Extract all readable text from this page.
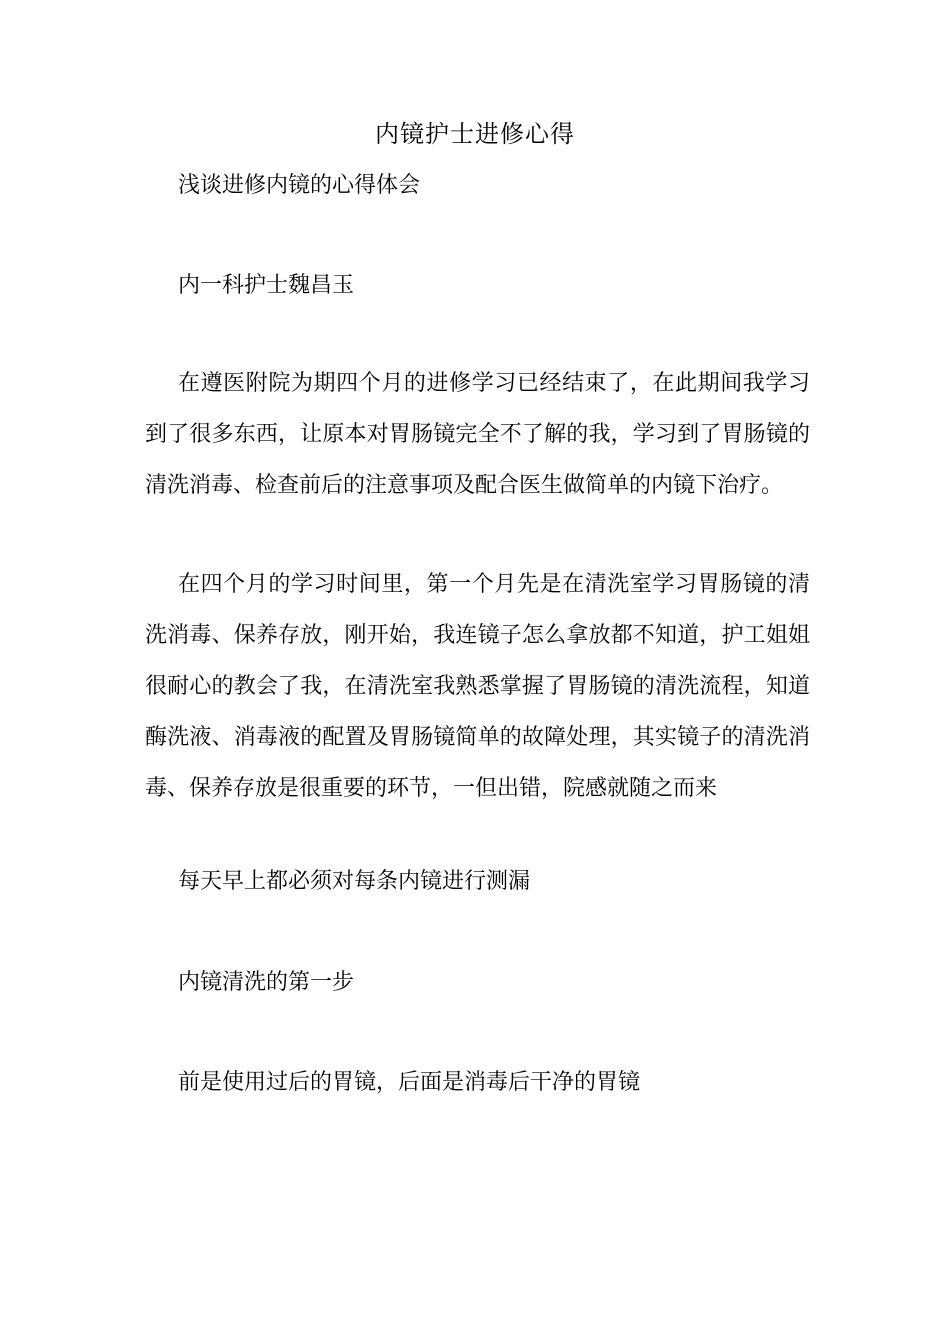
内镜护士进修心得
浅谈进修内镜的心得体会
内一科护士魏昌玉

在遵医附院为期四个月的进修学习已经结束了，在此期间我学习到了很多东西，让原本对胃肠镜完全不了解的我，学习到了胃肠镜的清洗消毒、检查前后的注意事项及配合医生做简单的内镜下治疗。

在四个月的学习时间里，第一个月先是在清洗室学习胃肠镜的清洗消毒、保养存放，刚开始，我连镜子怎么拿放都不知道，护工姐姐很耐心的教会了我，在清洗室我熟悉掌握了胃肠镜的清洗流程，知道酶洗液、消毒液的配置及胃肠镜简单的故障处理，其实镜子的清洗消毒、保养存放是很重要的环节，一但出错，院感就随之而来

每天早上都必须对每条内镜进行测漏
内镜清洗的第一步
前是使用过后的胃镜，后面是消毒后干净的胃镜
